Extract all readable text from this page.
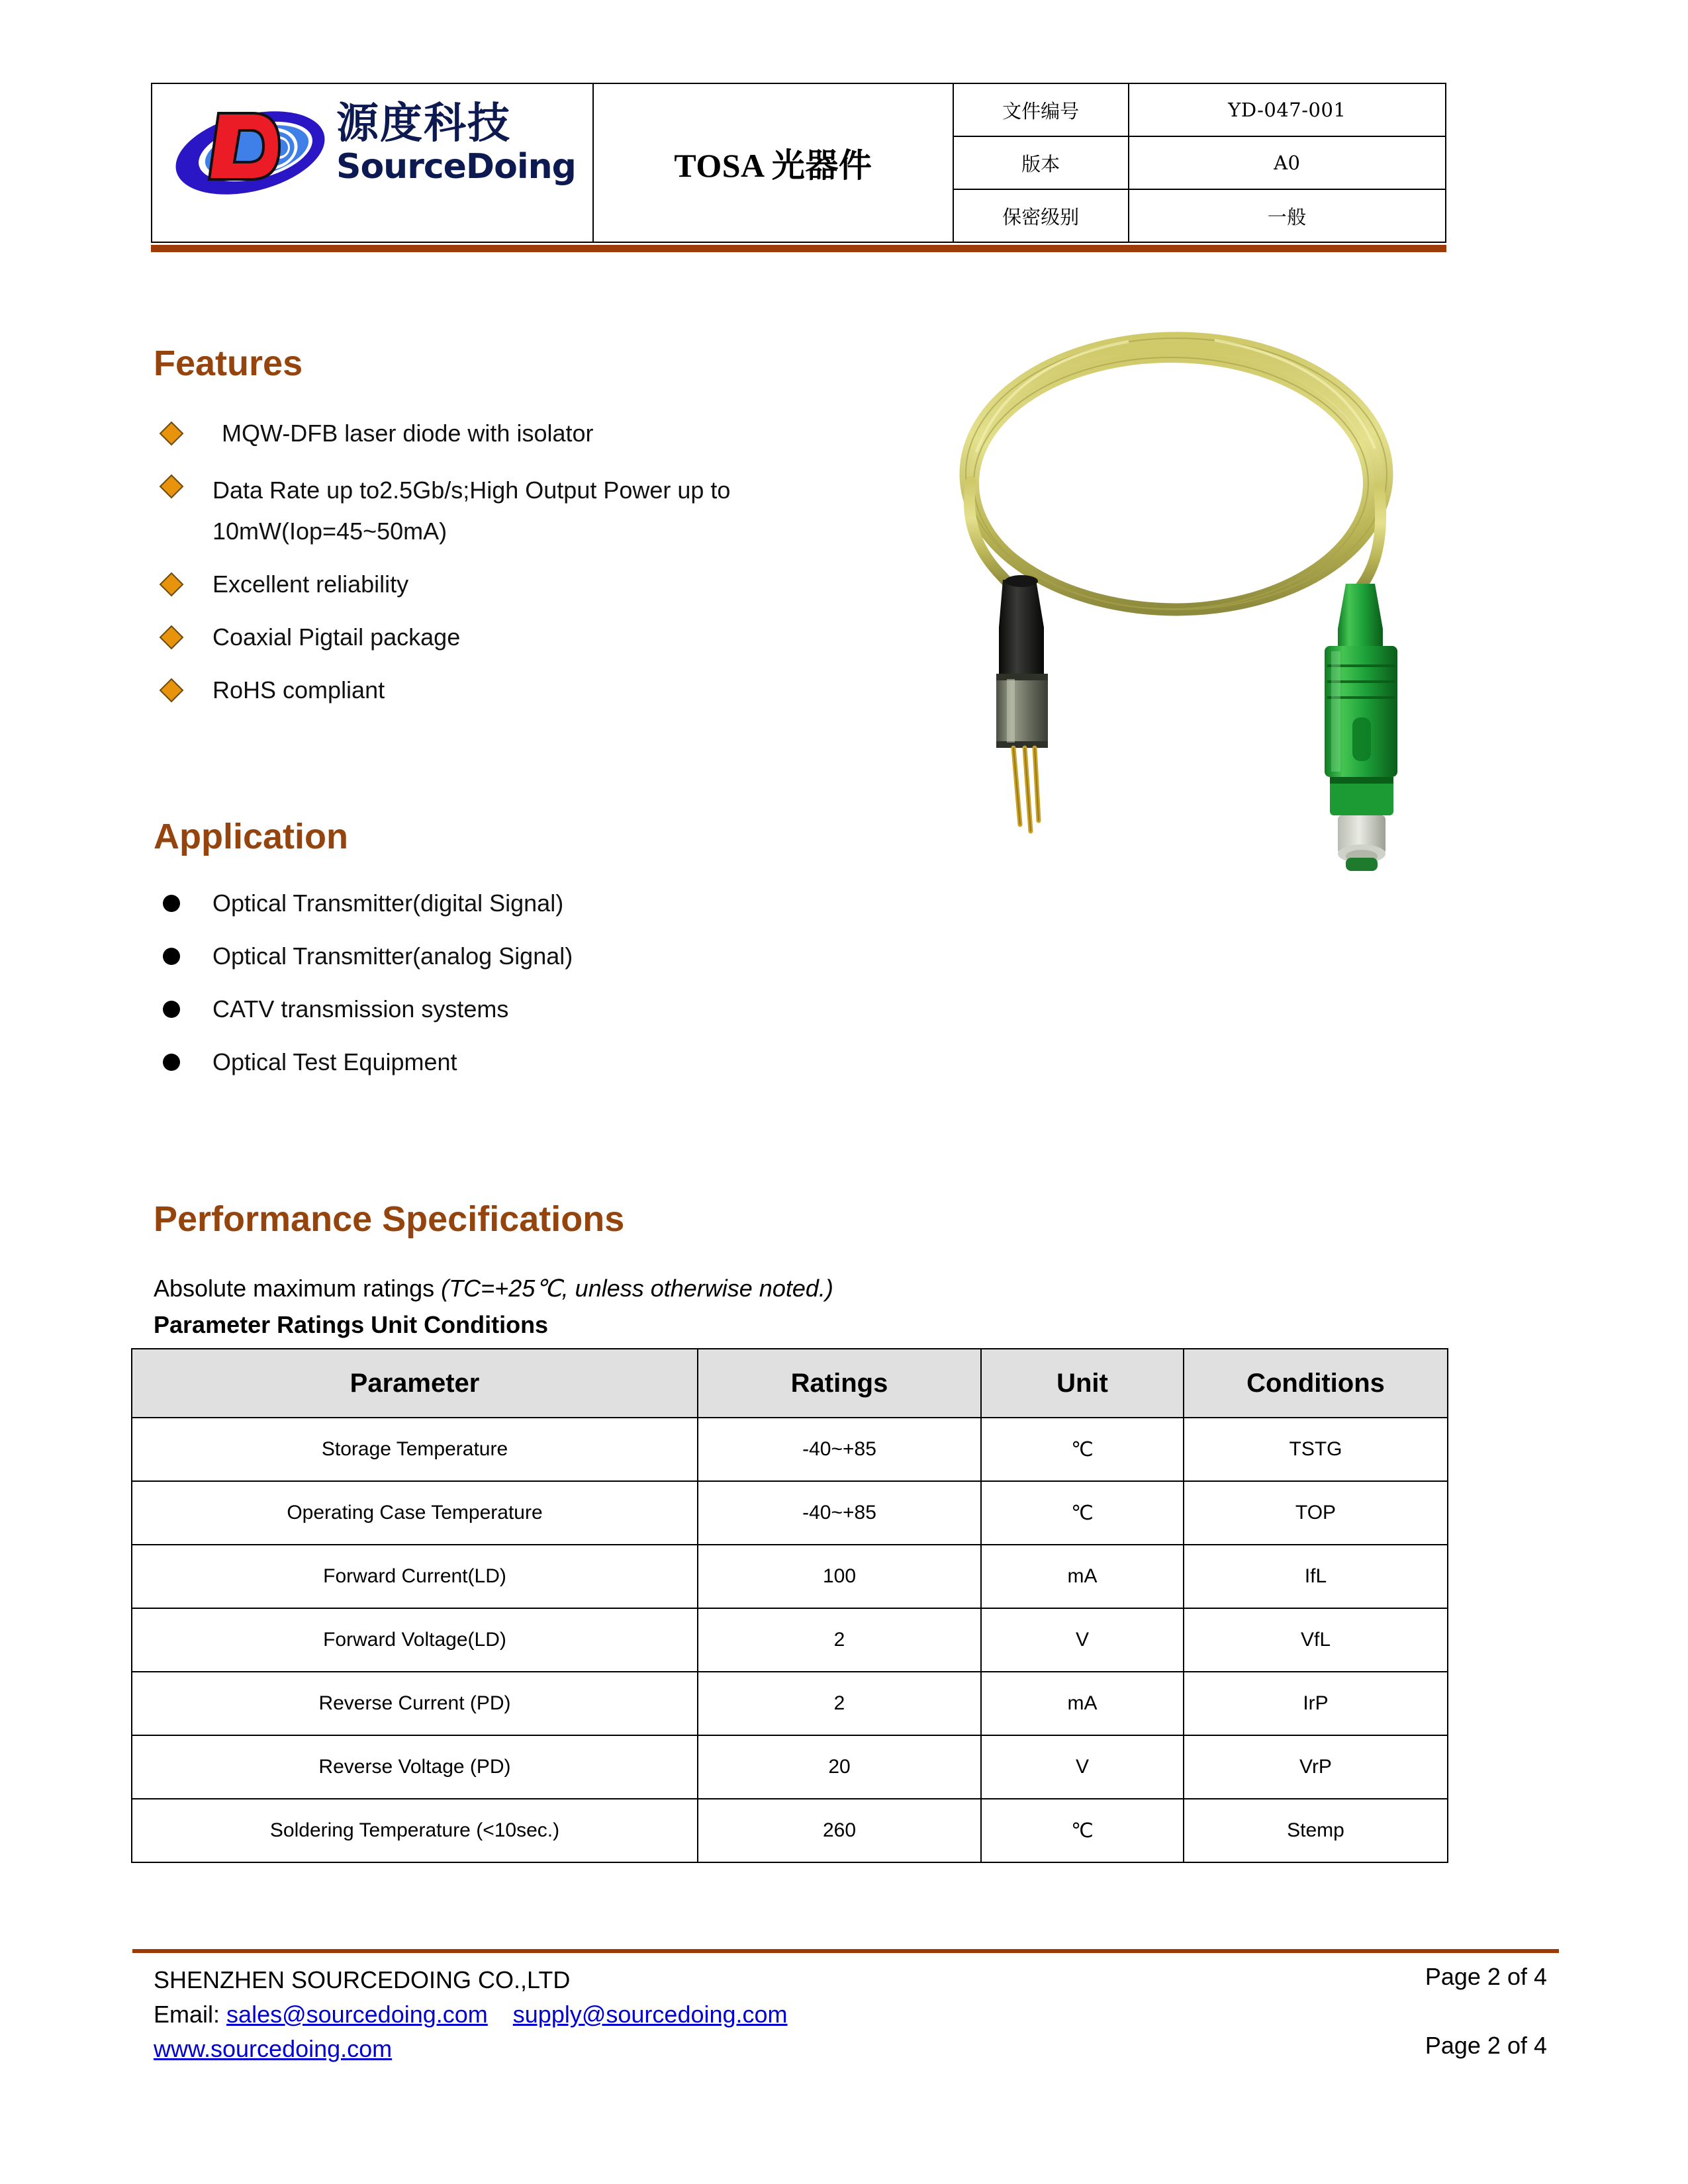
源度科技
SourceDoing	TOSA 光器件	文件编号	YD-047-001
		版本	A0
		保密级别	一般
Features
MQW-DFB laser diode with isolator
Data Rate up to2.5Gb/s;High Output Power up to
10mW(Iop=45~50mA)
Excellent reliability
Coaxial Pigtail package
RoHS compliant
Application
Optical Transmitter(digital Signal)
Optical Transmitter(analog Signal)
CATV transmission systems
Optical Test Equipment
Performance Specifications
Absolute maximum ratings (TC=+25℃, unless otherwise noted.)
Parameter Ratings Unit Conditions
Parameter	Ratings	Unit	Conditions
Storage Temperature	-40~+85	℃	TSTG
Operating Case Temperature	-40~+85	℃	TOP
Forward Current(LD)	100	mA	IfL
Forward Voltage(LD)	2	V	VfL
Reverse Current (PD)	2	mA	IrP
Reverse Voltage (PD)	20	V	VrP
Soldering Temperature (<10sec.)	260	℃	Stemp
SHENZHEN SOURCEDOING CO.,LTD
Email: sales@sourcedoing.com supply@sourcedoing.com
www.sourcedoing.com
Page 2 of 4
Page 2 of 4
